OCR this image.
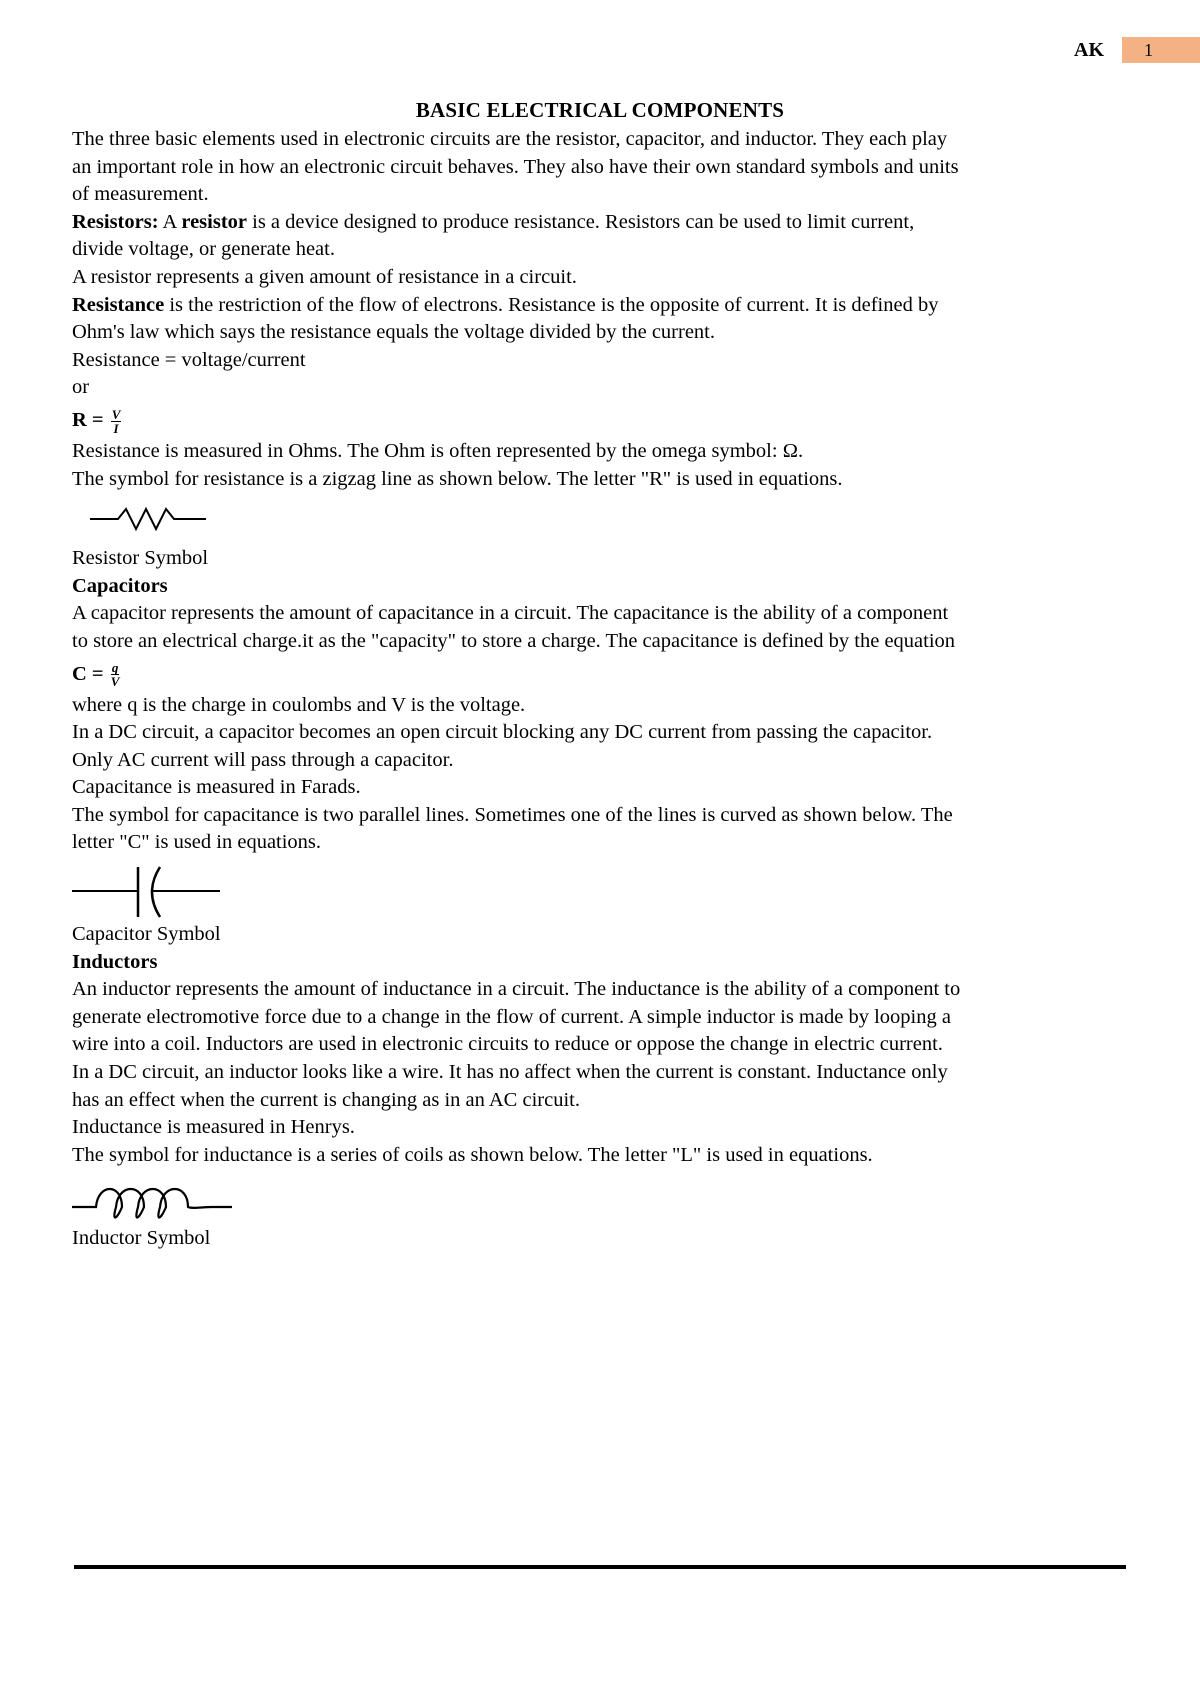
AK	1
BASIC ELECTRICAL COMPONENTS
The three basic elements used in electronic circuits are the resistor, capacitor, and inductor. They each play
an important role in how an electronic circuit behaves. They also have their own standard symbols and units
of measurement.
Resistors: A resistor is a device designed to produce resistance. Resistors can be used to limit current,
divide voltage, or generate heat.
A resistor represents a given amount of resistance in a circuit.
Resistance is the restriction of the flow of electrons. Resistance is the opposite of current. It is defined by
Ohm's law which says the resistance equals the voltage divided by the current.
Resistance = voltage/current
or
$R = \frac{V}{I}$
Resistance is measured in Ohms. The Ohm is often represented by the omega symbol: Ω.
The symbol for resistance is a zigzag line as shown below. The letter "R" is used in equations.
Resistor Symbol
Capacitors
A capacitor represents the amount of capacitance in a circuit. The capacitance is the ability of a component
to store an electrical charge.it as the "capacity" to store a charge. The capacitance is defined by the equation
$C = \frac{q}{V}$
where q is the charge in coulombs and V is the voltage.
In a DC circuit, a capacitor becomes an open circuit blocking any DC current from passing the capacitor.
Only AC current will pass through a capacitor.
Capacitance is measured in Farads.
The symbol for capacitance is two parallel lines. Sometimes one of the lines is curved as shown below. The
letter "C" is used in equations.
Capacitor Symbol
Inductors
An inductor represents the amount of inductance in a circuit. The inductance is the ability of a component to
generate electromotive force due to a change in the flow of current. A simple inductor is made by looping a
wire into a coil. Inductors are used in electronic circuits to reduce or oppose the change in electric current.
In a DC circuit, an inductor looks like a wire. It has no affect when the current is constant. Inductance only
has an effect when the current is changing as in an AC circuit.
Inductance is measured in Henrys.
The symbol for inductance is a series of coils as shown below. The letter "L" is used in equations.
Inductor Symbol
